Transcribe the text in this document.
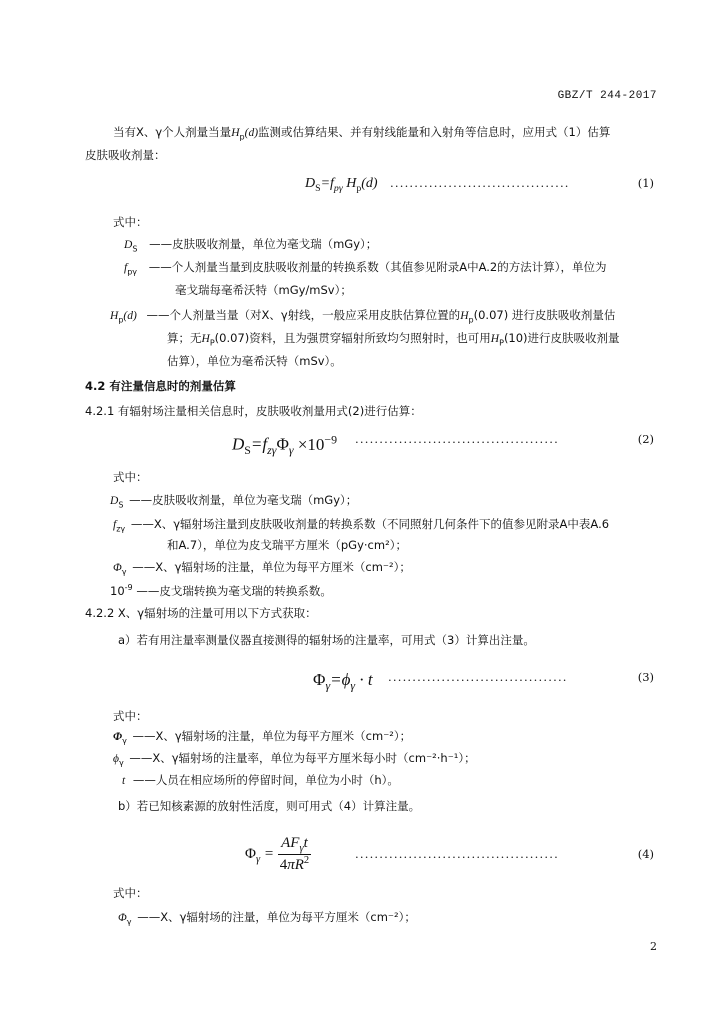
GBZ/T 244-2017
当有X、γ个人剂量当量$H_p(d)$监测或估算结果、并有射线能量和入射角等信息时，应用式（1）估算
皮肤吸收剂量：
$D_S=f_{p\gamma}$ $H_p(d)$ .....................................	(1)
式中：
$D_S$ ——皮肤吸收剂量，单位为毫戈瑞（mGy）；
$f_{p\gamma}$ ——个人剂量当量到皮肤吸收剂量的转换系数（其值参见附录A中A.2的方法计算），单位为
毫戈瑞每毫希沃特（mGy/mSv）；
$H_p(d)$ ——个人剂量当量（对X、γ射线，一般应采用皮肤估算位置的$H_p(0.07)$ 进行皮肤吸收剂量估
算；无$H_P(0.07)$资料，且为强贯穿辐射所致均匀照射时，也可用$H_P(10)$进行皮肤吸收剂量
估算），单位为毫希沃特（mSv）。
4.2 有注量信息时的剂量估算
4.2.1 有辐射场注量相关信息时，皮肤吸收剂量用式(2)进行估算：
$D_S=f_{z\gamma}\Phi_\gamma \times 10^{-9}$ ..........................................	(2)
式中：
$D_S$ ——皮肤吸收剂量，单位为毫戈瑞（mGy）；
$f_{z\gamma}$ ——X、γ辐射场注量到皮肤吸收剂量的转换系数（不同照射几何条件下的值参见附录A中表A.6
和A.7），单位为皮戈瑞平方厘米（pGy·cm²）；
$\Phi_\gamma$ ——X、γ辐射场的注量，单位为每平方厘米（cm⁻²）；
$10^{-9}$ ——皮戈瑞转换为毫戈瑞的转换系数。
4.2.2 X、γ辐射场的注量可用以下方式获取：
a）若有用注量率测量仪器直接测得的辐射场的注量率，可用式（3）计算出注量。
$\Phi_\gamma=\phi_\gamma \cdot t$ .....................................	(3)
式中：
$\Phi_\gamma$ ——X、γ辐射场的注量，单位为每平方厘米（cm⁻²）；
$\phi_\gamma$ ——X、γ辐射场的注量率，单位为每平方厘米每小时（cm⁻²·h⁻¹）；
t ——人员在相应场所的停留时间，单位为小时（h）。
b）若已知核素源的放射性活度，则可用式（4）计算注量。
$\Phi_\gamma = \frac{AF_\gamma t}{4\pi R^2}$	..........................................	(4)
式中：
$\Phi_\gamma$ ——X、γ辐射场的注量，单位为每平方厘米（cm⁻²）；
2
